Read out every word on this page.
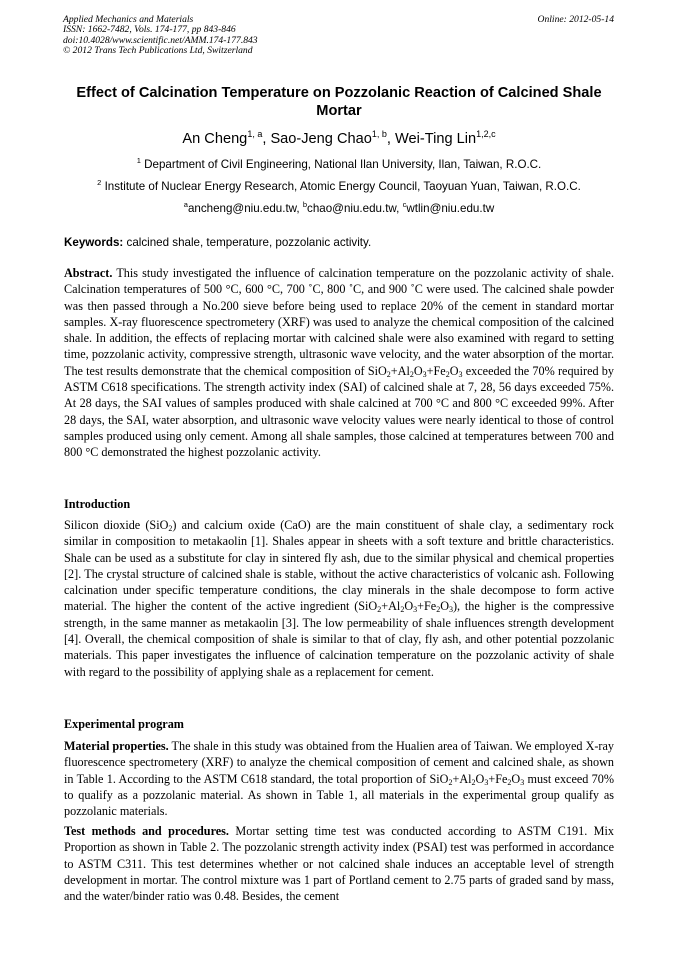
Applied Mechanics and Materials
ISSN: 1662-7482, Vols. 174-177, pp 843-846
doi:10.4028/www.scientific.net/AMM.174-177.843
© 2012 Trans Tech Publications Ltd, Switzerland
Online: 2012-05-14
Effect of Calcination Temperature on Pozzolanic Reaction of Calcined Shale Mortar
An Cheng$^{1, a}$, Sao-Jeng Chao$^{1, b}$, Wei-Ting Lin$^{1,2,c}$
$^1$ Department of Civil Engineering, National Ilan University, Ilan, Taiwan, R.O.C.
$^2$ Institute of Nuclear Energy Research, Atomic Energy Council, Taoyuan Yuan, Taiwan, R.O.C.
$^a$ancheng@niu.edu.tw, $^b$chao@niu.edu.tw, $^c$wtlin@niu.edu.tw
Keywords: calcined shale, temperature, pozzolanic activity.
Abstract. This study investigated the influence of calcination temperature on the pozzolanic activity of shale. Calcination temperatures of 500 °C, 600 °C, 700 ˚C, 800 ˚C, and 900 ˚C were used. The calcined shale powder was then passed through a No.200 sieve before being used to replace 20% of the cement in standard mortar samples. X-ray fluorescence spectrometery (XRF) was used to analyze the chemical composition of the calcined shale. In addition, the effects of replacing mortar with calcined shale were also examined with regard to setting time, pozzolanic activity, compressive strength, ultrasonic wave velocity, and the water absorption of the mortar. The test results demonstrate that the chemical composition of $SiO_2+Al_2O_3+Fe_2O_3$ exceeded the 70% required by ASTM C618 specifications. The strength activity index (SAI) of calcined shale at 7, 28, 56 days exceeded 75%. At 28 days, the SAI values of samples produced with shale calcined at 700 °C and 800 °C exceeded 99%. After 28 days, the SAI, water absorption, and ultrasonic wave velocity values were nearly identical to those of control samples produced using only cement. Among all shale samples, those calcined at temperatures between 700 and 800 °C demonstrated the highest pozzolanic activity.
Introduction
Silicon dioxide (SiO$_2$) and calcium oxide (CaO) are the main constituent of shale clay, a sedimentary rock similar in composition to metakaolin [1]. Shales appear in sheets with a soft texture and brittle characteristics. Shale can be used as a substitute for clay in sintered fly ash, due to the similar physical and chemical properties [2]. The crystal structure of calcined shale is stable, without the active characteristics of volcanic ash. Following calcination under specific temperature conditions, the clay minerals in the shale decompose to form active material. The higher the content of the active ingredient $(SiO_2+Al_2O_3+Fe_2O_3)$, the higher is the compressive strength, in the same manner as metakaolin [3]. The low permeability of shale influences strength development [4]. Overall, the chemical composition of shale is similar to that of clay, fly ash, and other potential pozzolanic materials. This paper investigates the influence of calcination temperature on the pozzolanic activity of shale with regard to the possibility of applying shale as a replacement for cement.
Experimental program
Material properties. The shale in this study was obtained from the Hualien area of Taiwan. We employed X-ray fluorescence spectrometery (XRF) to analyze the chemical composition of cement and calcined shale, as shown in Table 1. According to the ASTM C618 standard, the total proportion of $SiO_2+Al_2O_3+Fe_2O_3$ must exceed 70% to qualify as a pozzolanic material. As shown in Table 1, all materials in the experimental group qualify as pozzolanic materials.
Test methods and procedures. Mortar setting time test was conducted according to ASTM C191. Mix Proportion as shown in Table 2. The pozzolanic strength activity index (PSAI) test was performed in accordance to ASTM C311. This test determines whether or not calcined shale induces an acceptable level of strength development in mortar. The control mixture was 1 part of Portland cement to 2.75 parts of graded sand by mass, and the water/binder ratio was 0.48. Besides, the cement
